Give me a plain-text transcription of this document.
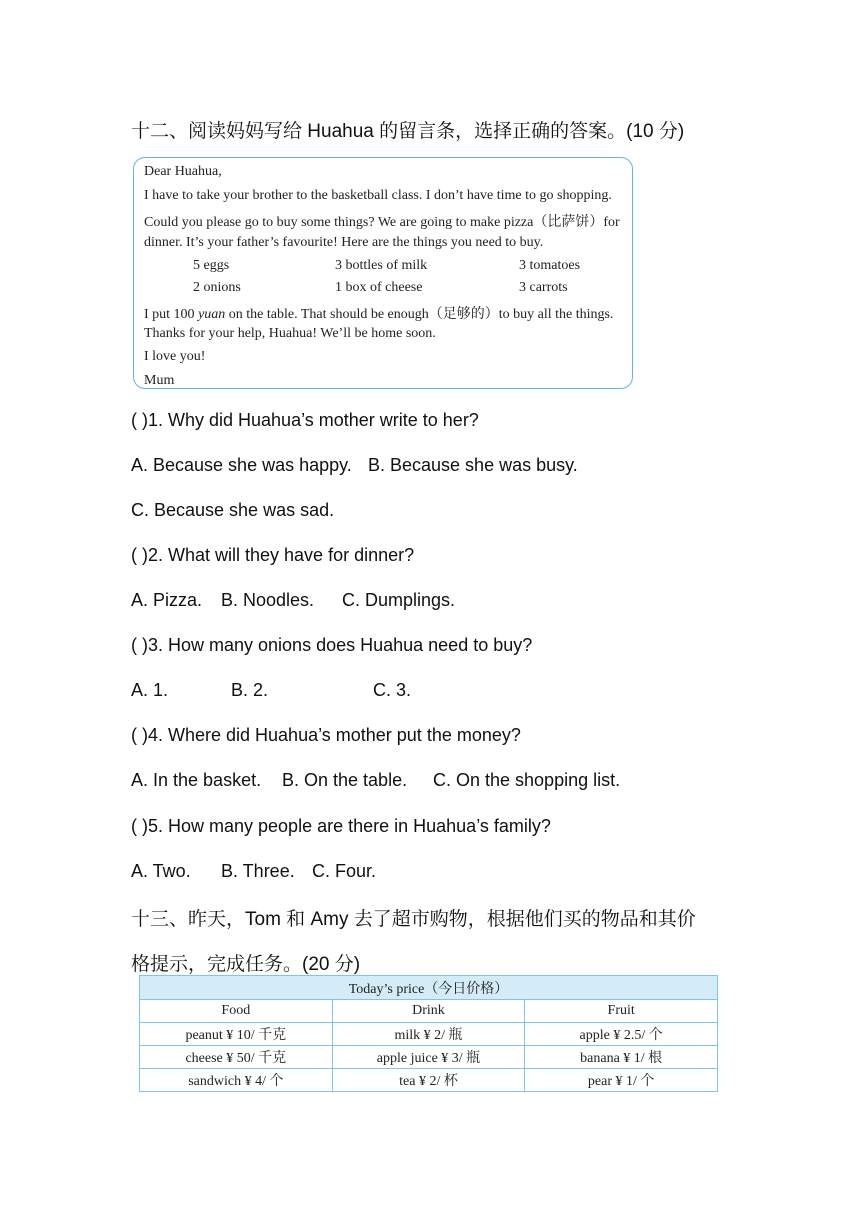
十二、阅读妈妈写给 Huahua 的留言条，选择正确的答案。(10 分)
Dear Huahua,
I have to take your brother to the basketball class. I don’t have time to go shopping.
Could you please go to buy some things? We are going to make pizza（比萨饼）for
dinner. It’s your father’s favourite! Here are the things you need to buy.
5 eggs	3 bottles of milk	3 tomatoes
2 onions	1 box of cheese	3 carrots
I put 100 yuan on the table. That should be enough（足够的）to buy all the things.
Thanks for your help, Huahua! We’ll be home soon.
I love you!
Mum
( )1. Why did Huahua’s mother write to her?
A. Because she was happy. B. Because she was busy.
C. Because she was sad.
( )2. What will they have for dinner?
A. Pizza. B. Noodles. C. Dumplings.
( )3. How many onions does Huahua need to buy?
A. 1.	B. 2.	C. 3.
( )4. Where did Huahua’s mother put the money?
A. In the basket. B. On the table. C. On the shopping list.
( )5. How many people are there in Huahua’s family?
A. Two. B. Three. C. Four.
十三、昨天，Tom 和 Amy 去了超市购物，根据他们买的物品和其价
格提示，完成任务。(20 分)
Today’s price（今日价格）		
Food	Drink	Fruit
peanut ¥ 10/ 千克	milk ¥ 2/ 瓶	apple ¥ 2.5/ 个
cheese ¥ 50/ 千克	apple juice ¥ 3/ 瓶	banana ¥ 1/ 根
sandwich ¥ 4/ 个	tea ¥ 2/ 杯	pear ¥ 1/ 个
